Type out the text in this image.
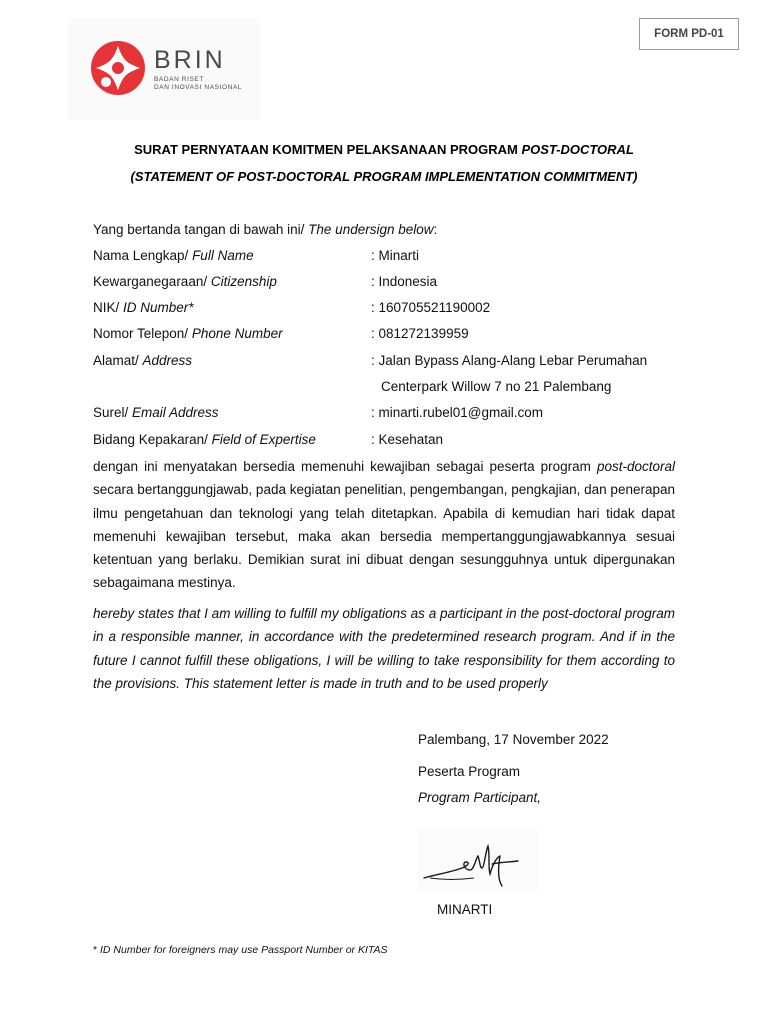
BRIN
BADAN RISET
DAN INOVASI NASIONAL
FORM PD-01
SURAT PERNYATAAN KOMITMEN PELAKSANAAN PROGRAM POST-DOCTORAL
(STATEMENT OF POST-DOCTORAL PROGRAM IMPLEMENTATION COMMITMENT)
Yang bertanda tangan di bawah ini/ The undersign below:
Nama Lengkap/ Full Name	: Minarti
Kewarganegaraan/ Citizenship	: Indonesia
NIK/ ID Number*	: 160705521190002
Nomor Telepon/ Phone Number	: 081272139959
Alamat/ Address	: Jalan Bypass Alang-Alang Lebar Perumahan
Centerpark Willow 7 no 21 Palembang
Surel/ Email Address	: minarti.rubel01@gmail.com
Bidang Kepakaran/ Field of Expertise	: Kesehatan
dengan ini menyatakan bersedia memenuhi kewajiban sebagai peserta program post-doctoral secara bertanggungjawab, pada kegiatan penelitian, pengembangan, pengkajian, dan penerapan ilmu pengetahuan dan teknologi yang telah ditetapkan. Apabila di kemudian hari tidak dapat memenuhi kewajiban tersebut, maka akan bersedia mempertanggungjawabkannya sesuai ketentuan yang berlaku. Demikian surat ini dibuat dengan sesungguhnya untuk dipergunakan sebagaimana mestinya.
hereby states that I am willing to fulfill my obligations as a participant in the post-doctoral program in a responsible manner, in accordance with the predetermined research program. And if in the future I cannot fulfill these obligations, I will be willing to take responsibility for them according to the provisions. This statement letter is made in truth and to be used properly
Palembang, 17 November 2022
Peserta Program
Program Participant,
MINARTI
* ID Number for foreigners may use Passport Number or KITAS
